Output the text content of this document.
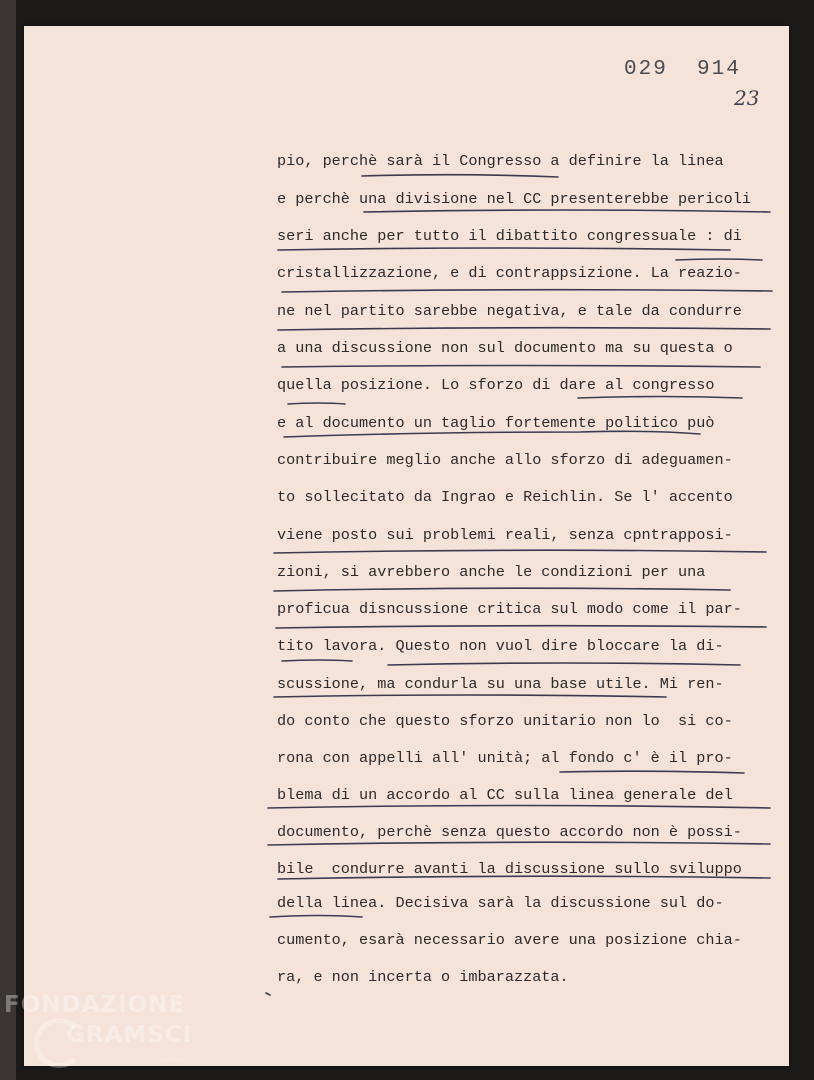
029  914
23
pio, perchè sarà il Congresso a definire la linea
e perchè una divisione nel CC presenterebbe pericoli
seri anche per tutto il dibattito congressuale : di
cristallizzazione, e di contrappsizione. La reazio-
ne nel partito sarebbe negativa, e tale da condurre
a una discussione non sul documento ma su questa o
quella posizione. Lo sforzo di dare al congresso
e al documento un taglio fortemente politico può
contribuire meglio anche allo sforzo di adeguamen-
to sollecitato da Ingrao e Reichlin. Se l' accento
viene posto sui problemi reali, senza cpntrapposi-
zioni, si avrebbero anche le condizioni per una
proficua disncussione critica sul modo come il par-
tito lavora. Questo non vuol dire bloccare la di-
scussione, ma condurla su una base utile. Mi ren-
do conto che questo sforzo unitario non lo  si co-
rona con appelli all' unità; al fondo c' è il pro-
blema di un accordo al CC sulla linea generale del
documento, perchè senza questo accordo non è possi-
bile  condurre avanti la discussione sullo sviluppo
della linea. Decisiva sarà la discussione sul do-
cumento, esarà necessario avere una posizione chia-
ra, e non incerta o imbarazzata.
FONDAZIONE
GRAMSCI
onlus
